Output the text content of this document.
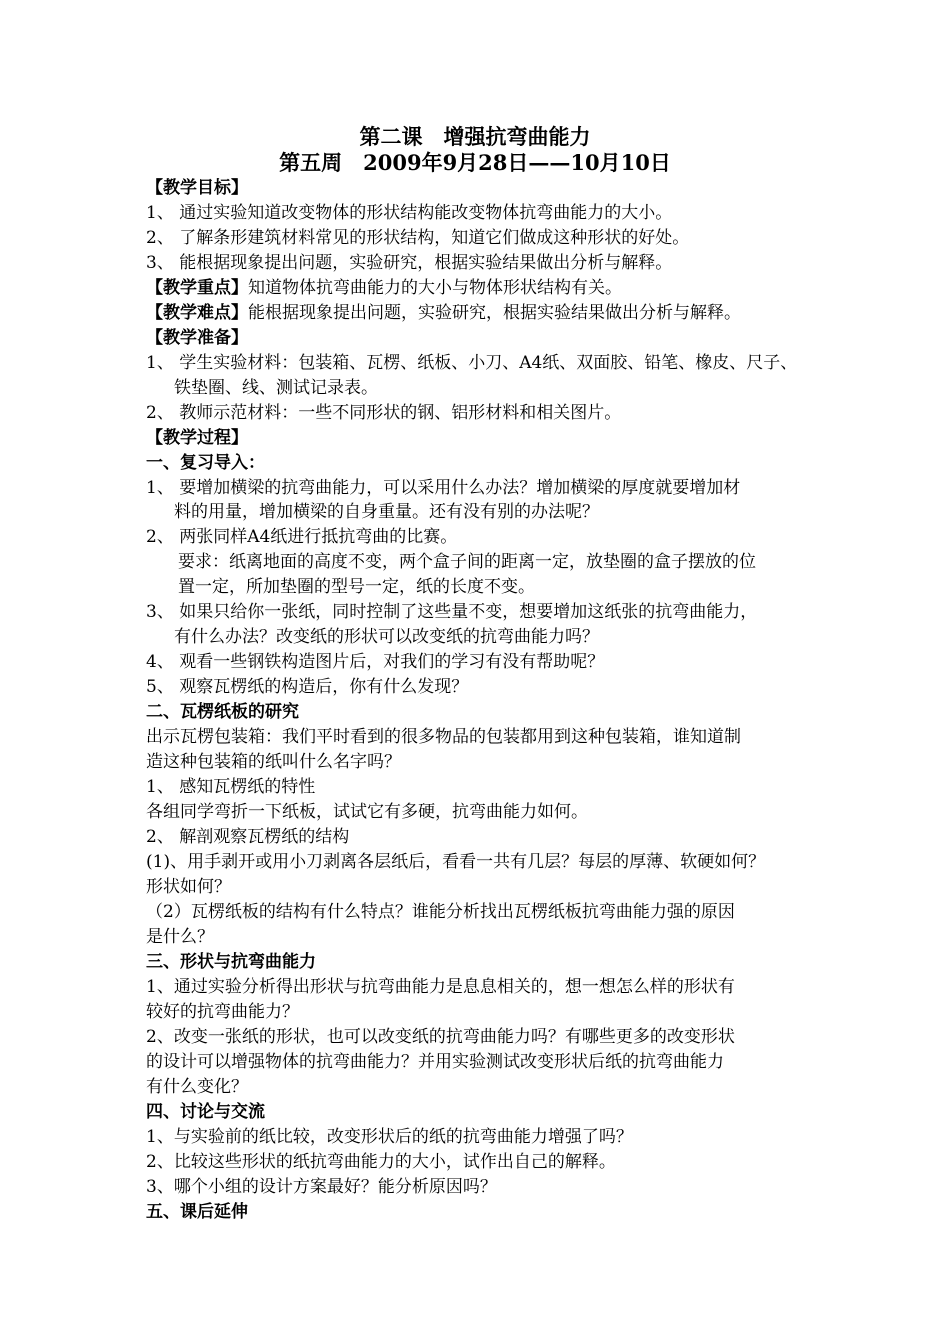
第二课　增强抗弯曲能力
第五周　2009年9月28日——10月10日
【教学目标】
1、 通过实验知道改变物体的形状结构能改变物体抗弯曲能力的大小。
2、 了解条形建筑材料常见的形状结构，知道它们做成这种形状的好处。
3、 能根据现象提出问题，实验研究，根据实验结果做出分析与解释。
【教学重点】知道物体抗弯曲能力的大小与物体形状结构有关。
【教学难点】能根据现象提出问题，实验研究，根据实验结果做出分析与解释。
【教学准备】
1、 学生实验材料：包装箱、瓦楞、纸板、小刀、A4纸、双面胶、铅笔、橡皮、尺子、
铁垫圈、线、测试记录表。
2、 教师示范材料：一些不同形状的钢、铝形材料和相关图片。
【教学过程】
一、复习导入：
1、 要增加横梁的抗弯曲能力，可以采用什么办法？增加横梁的厚度就要增加材
料的用量，增加横梁的自身重量。还有没有别的办法呢？
2、 两张同样A4纸进行抵抗弯曲的比赛。
要求：纸离地面的高度不变，两个盒子间的距离一定，放垫圈的盒子摆放的位
置一定，所加垫圈的型号一定，纸的长度不变。
3、 如果只给你一张纸，同时控制了这些量不变，想要增加这纸张的抗弯曲能力，
有什么办法？改变纸的形状可以改变纸的抗弯曲能力吗？
4、 观看一些钢铁构造图片后，对我们的学习有没有帮助呢？
5、 观察瓦楞纸的构造后，你有什么发现？
二、瓦楞纸板的研究
出示瓦楞包装箱：我们平时看到的很多物品的包装都用到这种包装箱，谁知道制
造这种包装箱的纸叫什么名字吗？
1、 感知瓦楞纸的特性
各组同学弯折一下纸板，试试它有多硬，抗弯曲能力如何。
2、 解剖观察瓦楞纸的结构
(1)、用手剥开或用小刀剥离各层纸后，看看一共有几层？每层的厚薄、软硬如何？
形状如何？
（2）瓦楞纸板的结构有什么特点？谁能分析找出瓦楞纸板抗弯曲能力强的原因
是什么？
三、形状与抗弯曲能力
1、通过实验分析得出形状与抗弯曲能力是息息相关的，想一想怎么样的形状有
较好的抗弯曲能力？
2、改变一张纸的形状，也可以改变纸的抗弯曲能力吗？有哪些更多的改变形状
的设计可以增强物体的抗弯曲能力？并用实验测试改变形状后纸的抗弯曲能力
有什么变化？
四、讨论与交流
1、与实验前的纸比较，改变形状后的纸的抗弯曲能力增强了吗？
2、比较这些形状的纸抗弯曲能力的大小，试作出自己的解释。
3、哪个小组的设计方案最好？能分析原因吗？
五、课后延伸
